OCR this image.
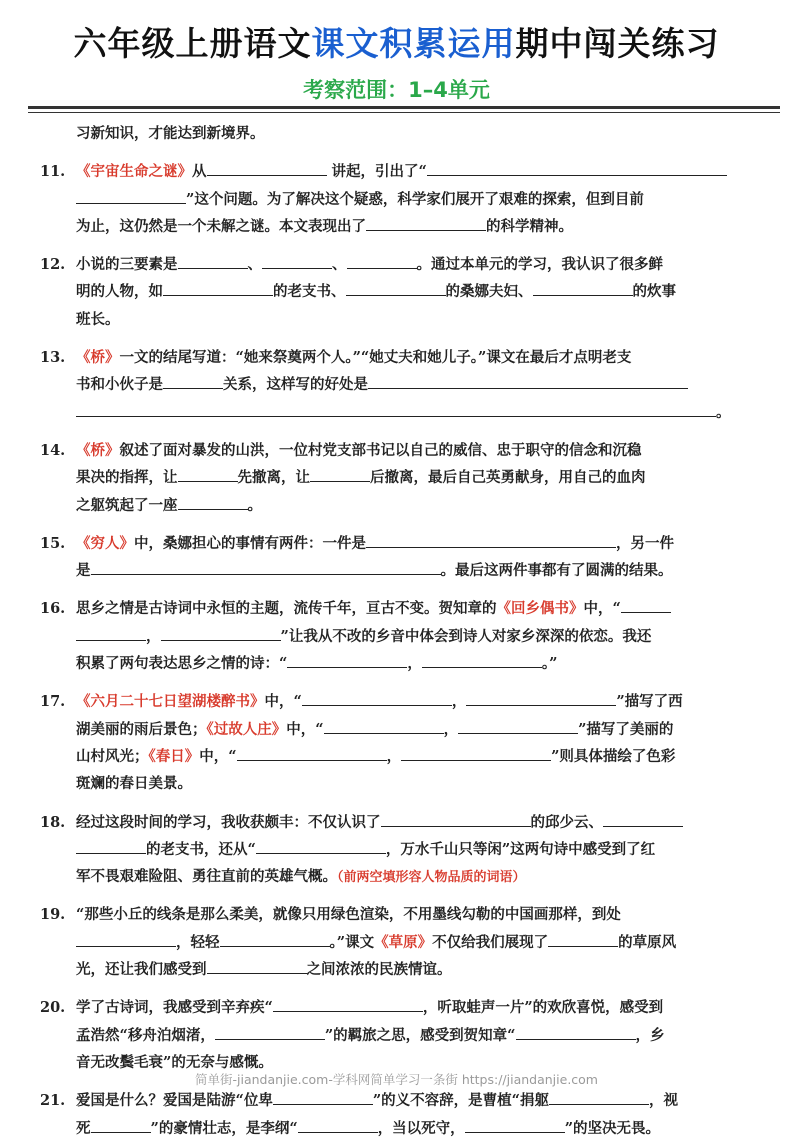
六年级上册语文课文积累运用期中闯关练习
考察范围：1–4单元
习新知识，才能达到新境界。
11. 《宇宙生命之谜》从	讲起，引出了“
”这个问题。为了解决这个疑惑，科学家们展开了艰难的探索，但到目前
为止，这仍然是一个未解之谜。本文表现出了	的科学精神。
12. 小说的三要素是	、	、	。通过本单元的学习，我认识了很多鲜
明的人物，如	的老支书、	的桑娜夫妇、	的炊事
班长。
13. 《桥》一文的结尾写道：“她来祭奠两个人。”“她丈夫和她儿子。”课文在最后才点明老支
书和小伙子是	关系，这样写的好处是
。
14. 《桥》叙述了面对暴发的山洪，一位村党支部书记以自己的威信、忠于职守的信念和沉稳
果决的指挥，让	先撤离，让	后撤离，最后自己英勇献身，用自己的血肉
之躯筑起了一座	。
15. 《穷人》中，桑娜担心的事情有两件：一件是	，另一件
是	。最后这两件事都有了圆满的结果。
16. 思乡之情是古诗词中永恒的主题，流传千年，亘古不变。贺知章的《回乡偶书》中，“
，	”让我从不改的乡音中体会到诗人对家乡深深的依恋。我还
积累了两句表达思乡之情的诗：“	，	。”
17. 《六月二十七日望湖楼醉书》中，“	，	”描写了西
湖美丽的雨后景色；《过故人庄》中，“	，	”描写了美丽的
山村风光；《春日》中，“	，	”则具体描绘了色彩
斑斓的春日美景。
18. 经过这段时间的学习，我收获颇丰：不仅认识了	的邱少云、
的老支书，还从“	，万水千山只等闲”这两句诗中感受到了红
军不畏艰难险阻、勇往直前的英雄气概。（前两空填形容人物品质的词语）
19. “那些小丘的线条是那么柔美，就像只用绿色渲染，不用墨线勾勒的中国画那样，到处
，轻轻	。”课文《草原》不仅给我们展现了	的草原风
光，还让我们感受到	之间浓浓的民族情谊。
20. 学了古诗词，我感受到辛弃疾“	，听取蛙声一片”的欢欣喜悦，感受到
孟浩然“移舟泊烟渚，	”的羁旅之思，感受到贺知章“	，乡
音无改鬓毛衰”的无奈与感慨。
21. 爱国是什么？爱国是陆游“位卑	”的义不容辞，是曹植“捐躯	，视
死	”的豪情壮志，是李纲“	，当以死守，	”的坚决无畏。
简单街-jiandanjie.com-学科网简单学习一条街 https://jiandanjie.com
